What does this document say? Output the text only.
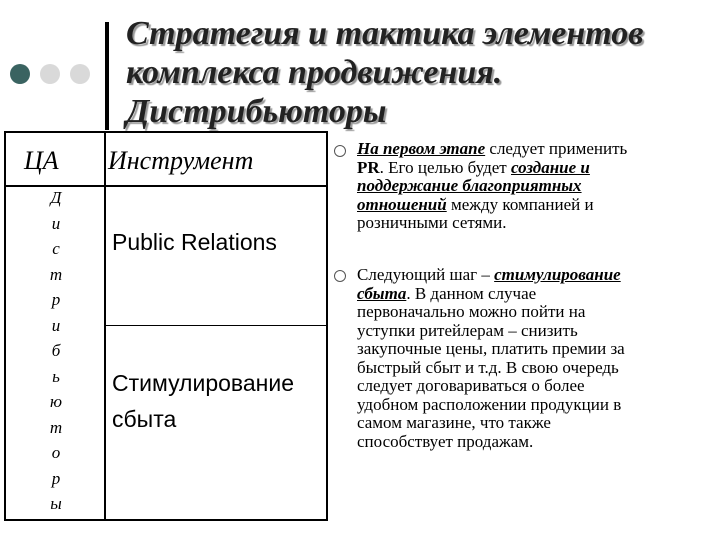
Стратегия и тактика элементов
комплекса продвижения.
Дистрибьюторы
ЦА Инструмент
Д
и
с
т
р
и
б
ь
ю
т
о
р
ы
Public Relations
Стимулирование
сбыта
На первом этапе следует применить
PR. Его целью будет создание и
поддержание благоприятных
отношений между компанией и
розничными сетями.
Следующий шаг – стимулирование
сбыта. В данном случае
первоначально можно пойти на
уступки ритейлерам – снизить
закупочные цены, платить премии за
быстрый сбыт и т.д. В свою очередь
следует договариваться о более
удобном расположении продукции в
самом магазине, что также
способствует продажам.
